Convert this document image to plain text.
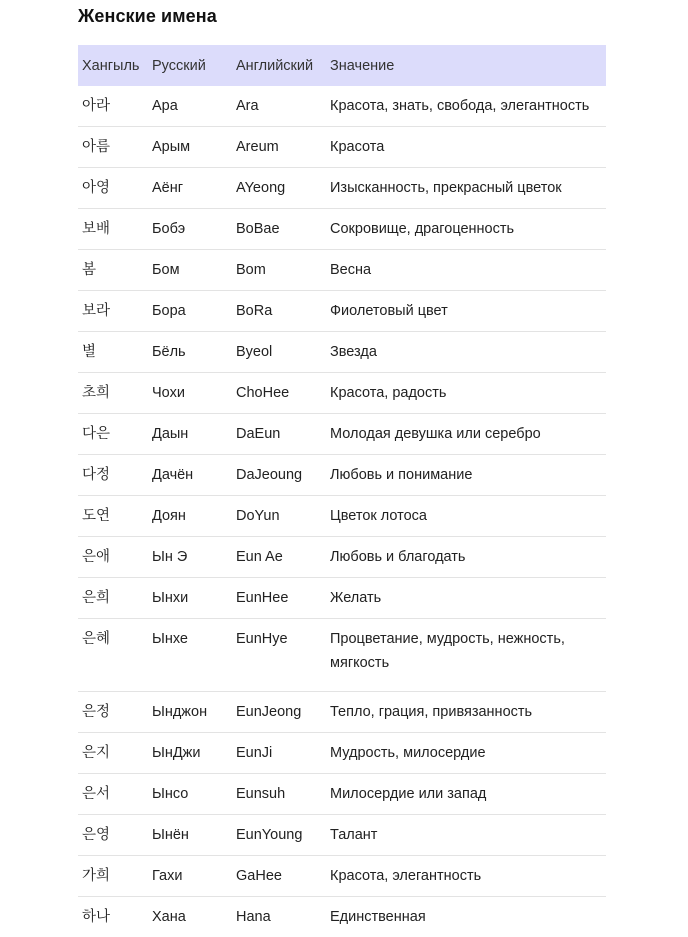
Женские имена
Хангыль	Русский	Английский	Значение
아라	Ара	Ara	Красота, знать, свобода, элегантность
아름	Арым	Areum	Красота
아영	Аёнг	AYeong	Изысканность, прекрасный цветок
보배	Бобэ	BoBae	Сокровище, драгоценность
봄	Бом	Bom	Весна
보라	Бора	BoRa	Фиолетовый цвет
별	Бёль	Byeol	Звезда
초희	Чохи	ChoHee	Красота, радость
다은	Дaын	DaEun	Молодая девушка или серебро
다정	Дачён	DaJeoung	Любовь и понимание
도연	Доян	DoYun	Цветок лотоса
은애	Ын Э	Eun Ae	Любовь и благодать
은희	Ынхи	EunHee	Желать
은혜	Ынхе	EunHye	Процветание, мудрость, нежность, мягкость
은정	Ынджон	EunJeong	Тепло, грация, привязанность
은지	ЫнДжи	EunJi	Мудрость, милосердие
은서	Ынсо	Eunsuh	Милосердие или запад
은영	Ынён	EunYoung	Талант
가희	Гахи	GaHee	Красота, элегантность
하나	Хана	Hana	Единственная
